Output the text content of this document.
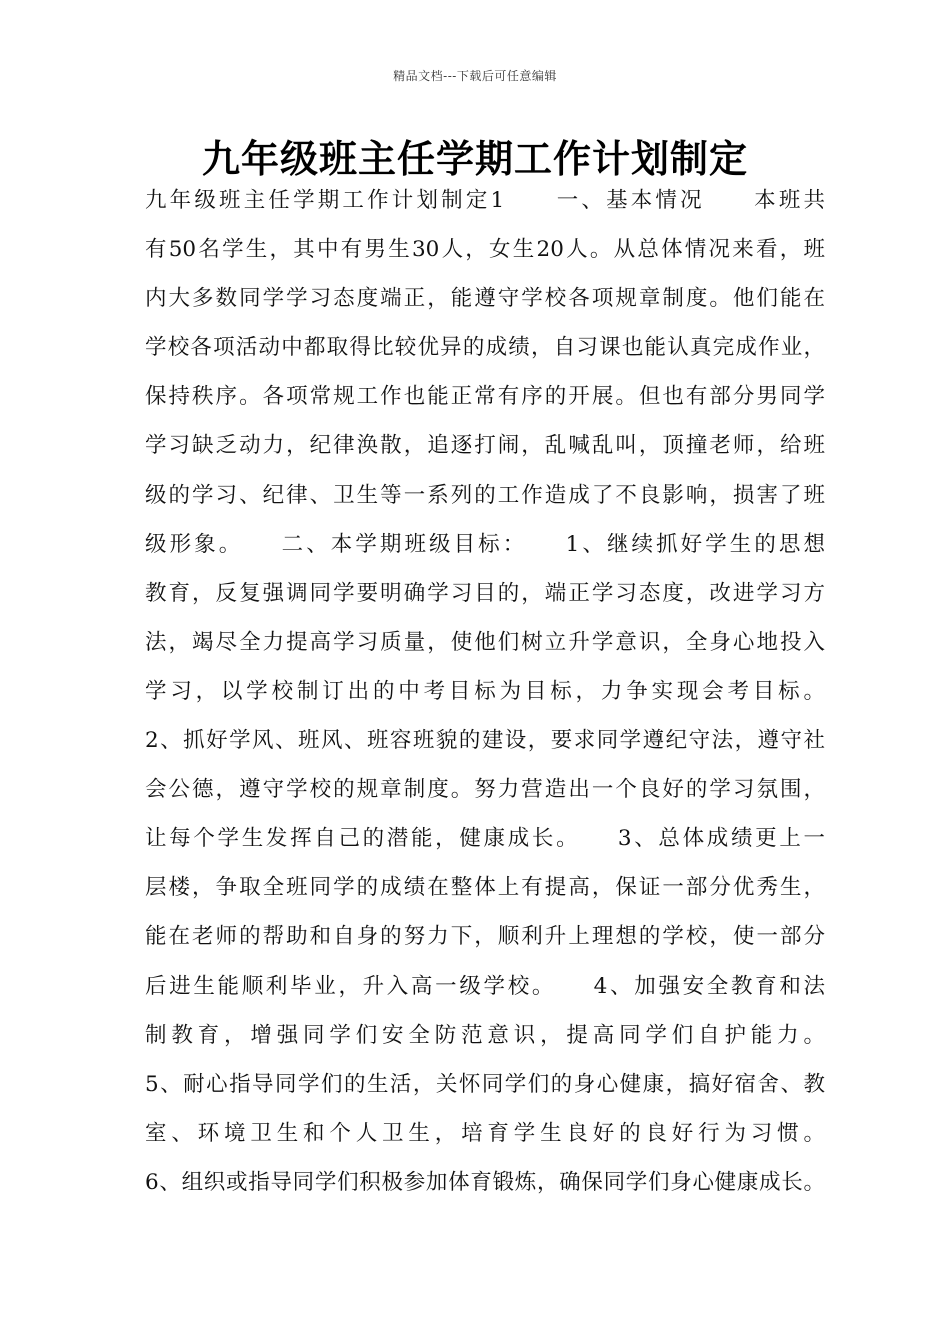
精品文档---下载后可任意编辑
九年级班主任学期工作计划制定
九年级班主任学期工作计划制定1　　一、基本情况　　本班共
有50名学生，其中有男生30人，女生20人。从总体情况来看，班
内大多数同学学习态度端正，能遵守学校各项规章制度。他们能在
学校各项活动中都取得比较优异的成绩，自习课也能认真完成作业，
保持秩序。各项常规工作也能正常有序的开展。但也有部分男同学
学习缺乏动力，纪律涣散，追逐打闹，乱喊乱叫，顶撞老师，给班
级的学习、纪律、卫生等一系列的工作造成了不良影响，损害了班
级形象。　　二、本学期班级目标：　　1、继续抓好学生的思想
教育，反复强调同学要明确学习目的，端正学习态度，改进学习方
法，竭尽全力提高学习质量，使他们树立升学意识，全身心地投入
学习，以学校制订出的中考目标为目标，力争实现会考目标。
2、抓好学风、班风、班容班貌的建设，要求同学遵纪守法，遵守社
会公德，遵守学校的规章制度。努力营造出一个良好的学习氛围，
让每个学生发挥自己的潜能，健康成长。　　3、总体成绩更上一
层楼，争取全班同学的成绩在整体上有提高，保证一部分优秀生，
能在老师的帮助和自身的努力下，顺利升上理想的学校，使一部分
后进生能顺利毕业，升入高一级学校。　　4、加强安全教育和法
制教育，增强同学们安全防范意识，提高同学们自护能力。
5、耐心指导同学们的生活，关怀同学们的身心健康，搞好宿舍、教
室、环境卫生和个人卫生，培育学生良好的良好行为习惯。
6、组织或指导同学们积极参加体育锻炼，确保同学们身心健康成长。
